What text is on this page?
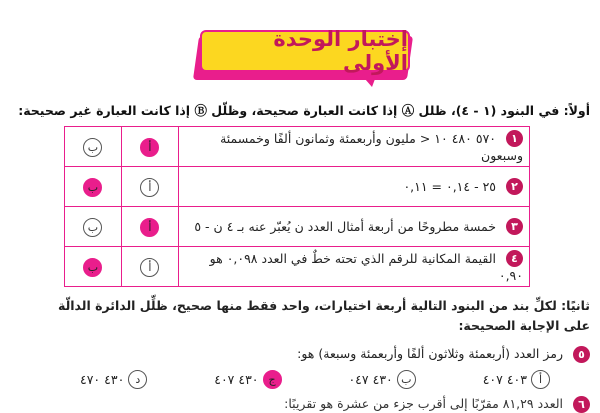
إختبار الوحدة الأولى
أولاً: في البنود (١ - ٤)، ظلل Ⓐ إذا كانت العبارة صحيحة، وظلّل Ⓑ إذا كانت العبارة غير صحيحة:
١ ٥٧٠ ٤٨٠ ١٠ < مليون وأربعمئة وثمانون ألفًا وخمسمئة وسبعون	أ	ب
٢ ٢٥ - ٠,١٤ = ٠,١١	أ	ب
٣ خمسة مطروحًا من أربعة أمثال العدد ن يُعبّر عنه بـ ٤ ن - ٥	أ	ب
٤ القيمة المكانية للرقم الذي تحته خطٌ في العدد ٠,٠٩٨ هو ٠,٩٠	أ	ب
ثانيًا: لكلِّ بند من البنود التالية أربعة اختيارات، واحد فقط منها صحيح، ظلِّل الدائرة الدالّة على الإجابة الصحيحة:
٥ رمز العدد (أربعمئة وثلاثون ألفًا وأربعمئة وسبعة) هو:
أ
٤٠٣ ٤٠٧
ب
٤٣٠ ٠٤٧
ج
٤٣٠ ٤٠٧
د
٤٣٠ ٤٧٠
٦ العدد ٨١,٢٩ مقرّبًا إلى أقرب جزء من عشرة هو تقريبًا:
